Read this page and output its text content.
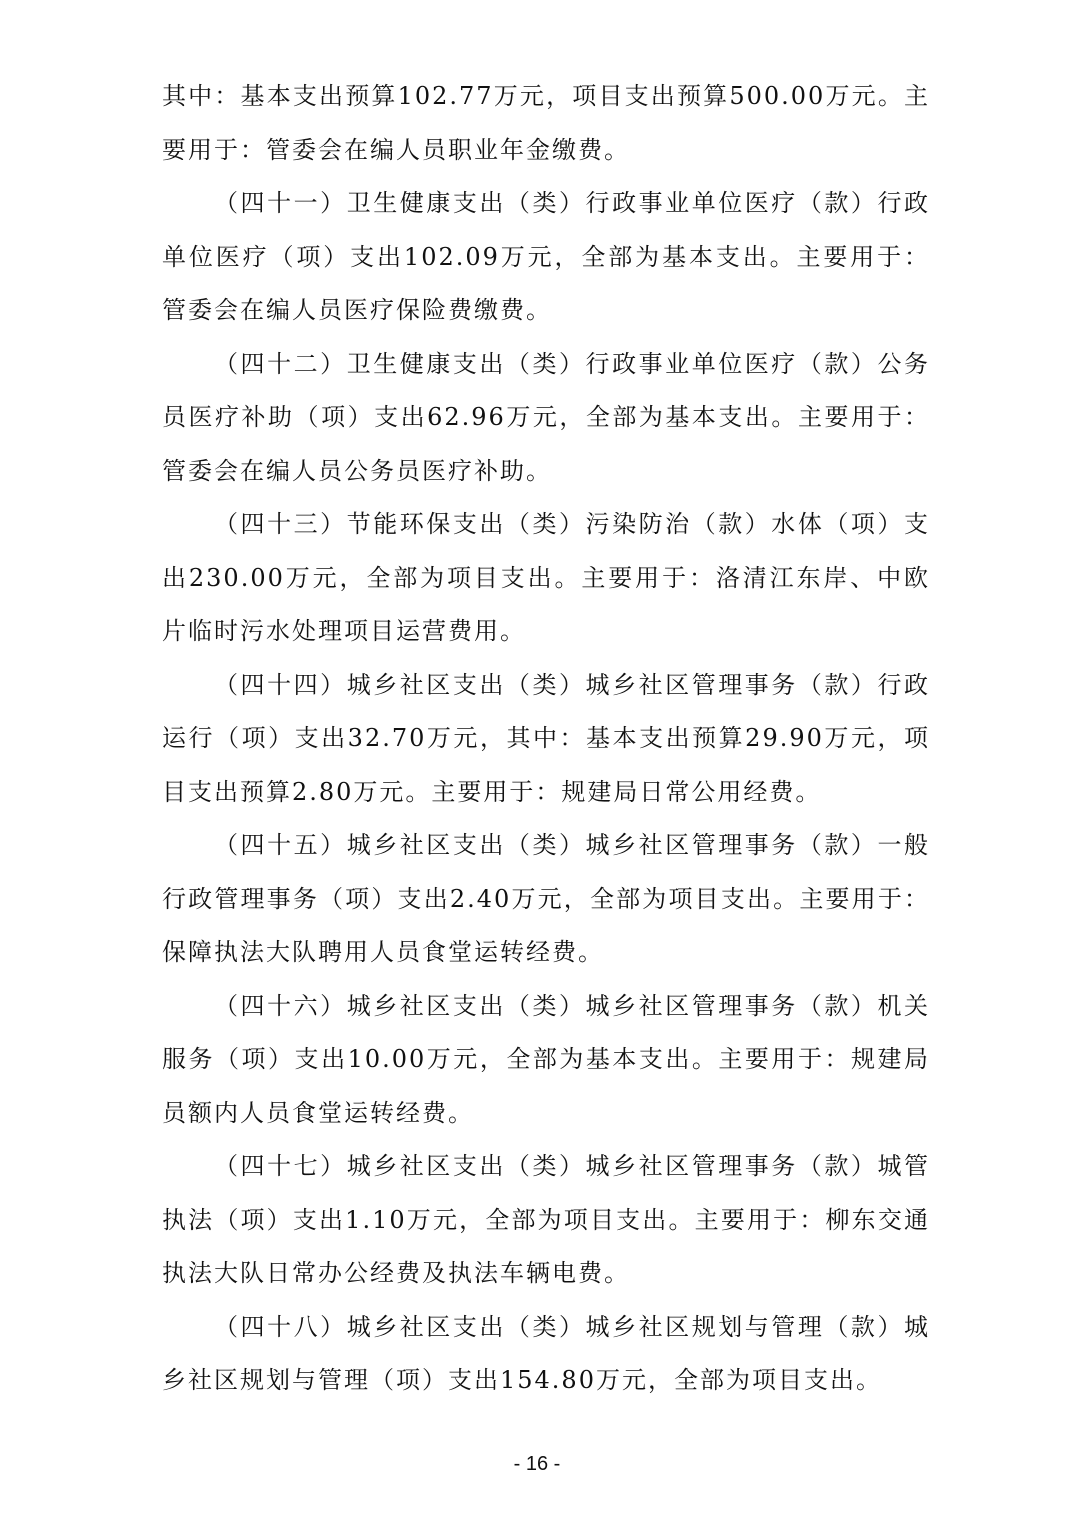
其中：基本支出预算102.77万元，项目支出预算500.00万元。主要用于：管委会在编人员职业年金缴费。

（四十一）卫生健康支出（类）行政事业单位医疗（款）行政单位医疗（项）支出102.09万元，全部为基本支出。主要用于：管委会在编人员医疗保险费缴费。

（四十二）卫生健康支出（类）行政事业单位医疗（款）公务员医疗补助（项）支出62.96万元，全部为基本支出。主要用于：管委会在编人员公务员医疗补助。

（四十三）节能环保支出（类）污染防治（款）水体（项）支出230.00万元，全部为项目支出。主要用于：洛清江东岸、中欧片临时污水处理项目运营费用。

（四十四）城乡社区支出（类）城乡社区管理事务（款）行政运行（项）支出32.70万元，其中：基本支出预算29.90万元，项目支出预算2.80万元。主要用于：规建局日常公用经费。

（四十五）城乡社区支出（类）城乡社区管理事务（款）一般行政管理事务（项）支出2.40万元，全部为项目支出。主要用于：保障执法大队聘用人员食堂运转经费。

（四十六）城乡社区支出（类）城乡社区管理事务（款）机关服务（项）支出10.00万元，全部为基本支出。主要用于：规建局员额内人员食堂运转经费。

（四十七）城乡社区支出（类）城乡社区管理事务（款）城管执法（项）支出1.10万元，全部为项目支出。主要用于：柳东交通执法大队日常办公经费及执法车辆电费。

（四十八）城乡社区支出（类）城乡社区规划与管理（款）城乡社区规划与管理（项）支出154.80万元，全部为项目支出。

- 16 -
